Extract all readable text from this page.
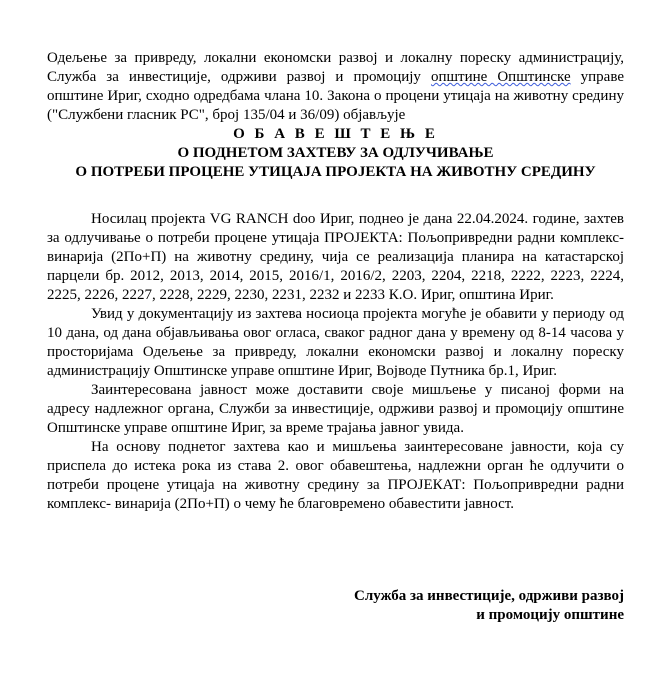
Одељење за привреду, локални економски развој и локалну пореску администрацију, Служба за инвестиције, одрживи развој и промоцију општине Општинске управе општине Ириг, сходно одредбама члана 10. Закона о процени утицаја на животну средину ("Службени гласник РС", број 135/04 и 36/09) објављује

О Б А В Е Ш Т Е Њ Е
О ПОДНЕТОМ ЗАХТЕВУ ЗА ОДЛУЧИВАЊЕ
О ПОТРЕБИ ПРОЦЕНЕ УТИЦАЈА ПРОЈЕКТА НА ЖИВОТНУ СРЕДИНУ

Носилац пројекта VG RANCH doo Ириг, поднео је дана 22.04.2024. године, захтев за одлучивање о потреби процене утицаја ПРОЈЕКТА: Пољопривредни радни комплекс- винарија (2По+П) на животну средину, чија се реализација планира на катастарској парцели бр. 2012, 2013, 2014, 2015, 2016/1, 2016/2, 2203, 2204, 2218, 2222, 2223, 2224, 2225, 2226, 2227, 2228, 2229, 2230, 2231, 2232 и 2233 К.О. Ириг, општина Ириг.

Увид у документацију из захтева носиоца пројекта могуће је обавити у периоду од 10 дана, од дана објављивања овог огласа, сваког радног дана у времену од 8-14 часова у просторијама Одељење за привреду, локални економски развој и локалну пореску администрацију Општинске управе општине Ириг, Војводе Путника бр.1, Ириг.

Заинтересована јавност може доставити своје мишљење у писаној форми на адресу надлежног органа, Служби за инвестиције, одрживи развој и промоцију општине Општинске управе општине Ириг, за време трајања јавног увида.

На основу поднетог захтева као и мишљења заинтересоване јавности, која су приспела до истека рока из става 2. овог обавештења, надлежни орган ће одлучити о потреби процене утицаја на животну средину за ПРОЈЕКАТ: Пољопривредни радни комплекс- винарија (2По+П) о чему ће благовремено обавестити јавност.

Служба за инвестиције, одрживи развој
и промоцију општине
